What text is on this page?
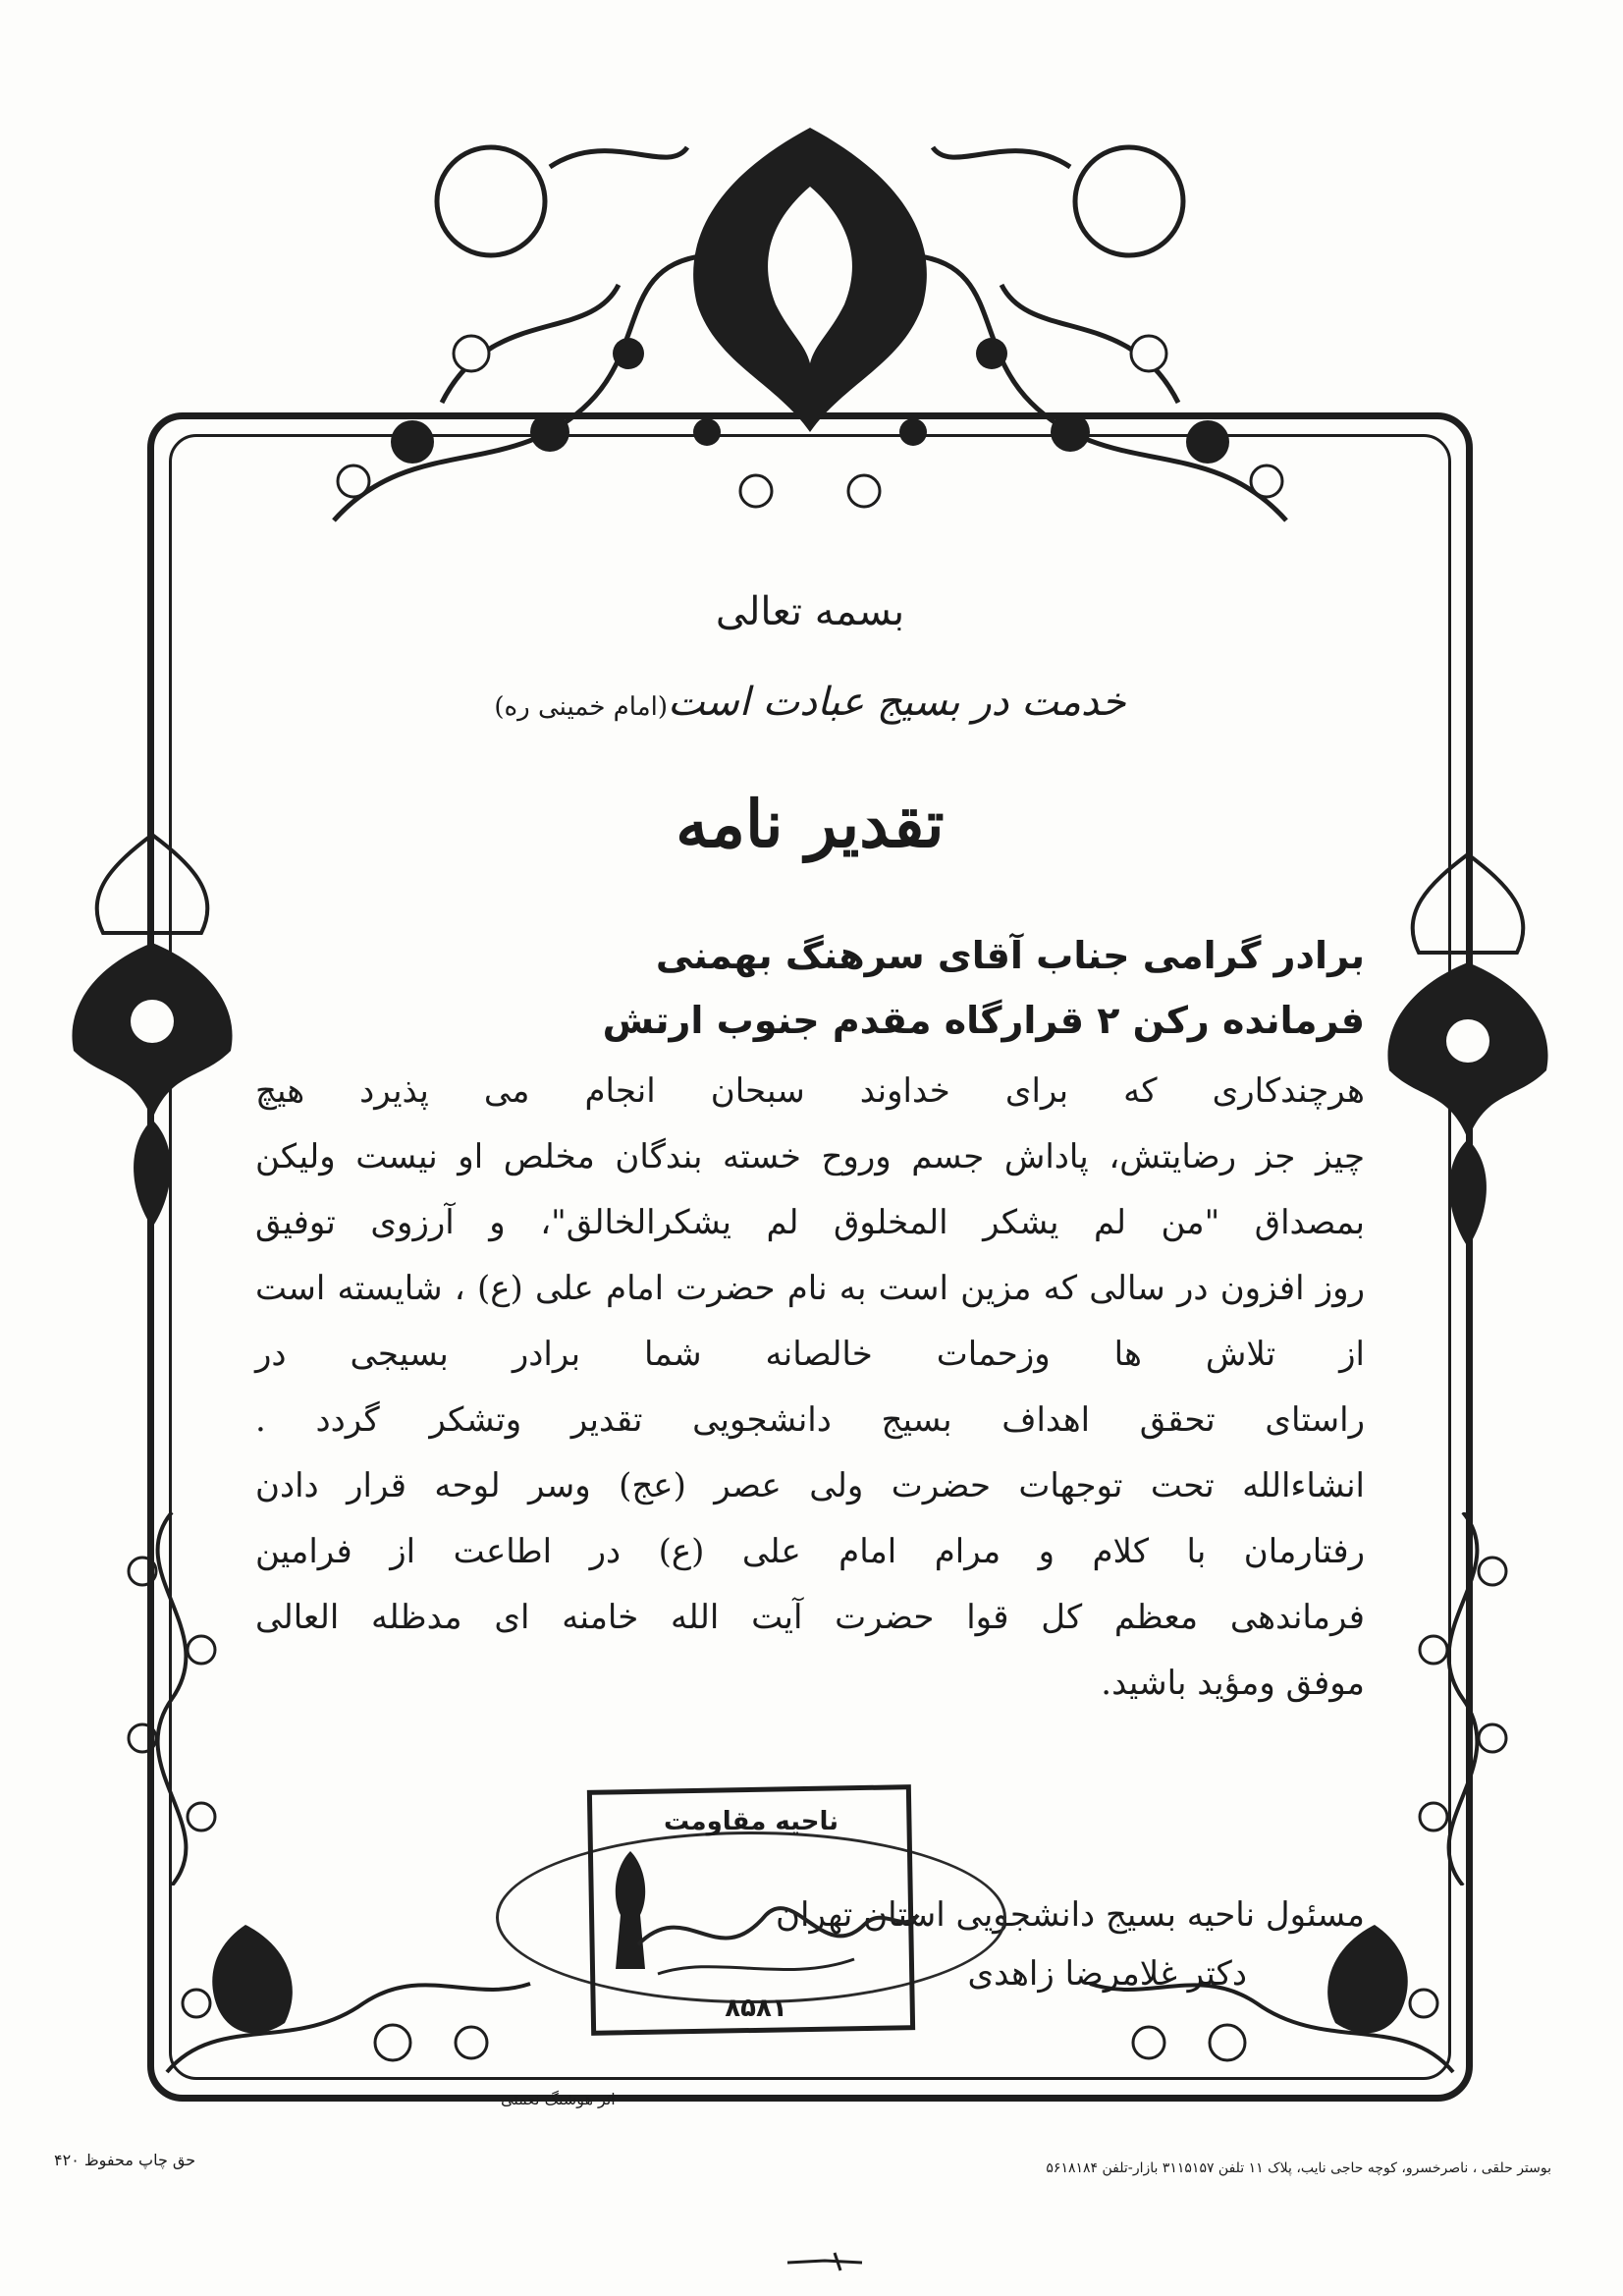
بسمه تعالی

خدمت در بسیج عبادت است(امام خمینی ره)
تقدیر نامه
برادر گرامی جناب آقای سرهنگ بهمنی
فرمانده رکن ۲ قرارگاه مقدم جنوب ارتش
هرچندکاری که برای خداوند سبحان انجام می پذیرد هیچ
چیز جز رضایتش، پاداش جسم وروح خسته بندگان مخلص او نیست ولیکن
بمصداق "من لم یشکر المخلوق لم یشکرالخالق"، و آرزوی توفیق
روز افزون در سالی که مزین است به نام حضرت امام علی (ع) ، شایسته است
از تلاش ها وزحمات خالصانه شما برادر بسیجی در
راستای تحقق اهداف بسیج دانشجویی تقدیر وتشکر گردد .
انشاءالله تحت توجهات حضرت ولی عصر (عج) وسر لوحه قرار دادن
رفتارمان با کلام و مرام امام علی (ع) در اطاعت از فرامین
فرماندهی معظم کل قوا حضرت آیت الله خامنه ای مدظله العالی
موفق ومؤید باشید.
مسئول ناحیه بسیج دانشجویی استان تهران
دکتر غلامرضا زاهدی
ناحیه مقاومت
۸۵۸۱
اثر هوشنگ نعمتی
حق چاپ محفوظ ۴۲۰	بوستر حلقی ، ناصرخسرو، کوچه حاجی نایب، پلاک ۱۱ تلفن ۳۱۱۵۱۵۷ بازار-تلفن ۵۶۱۸۱۸۴
